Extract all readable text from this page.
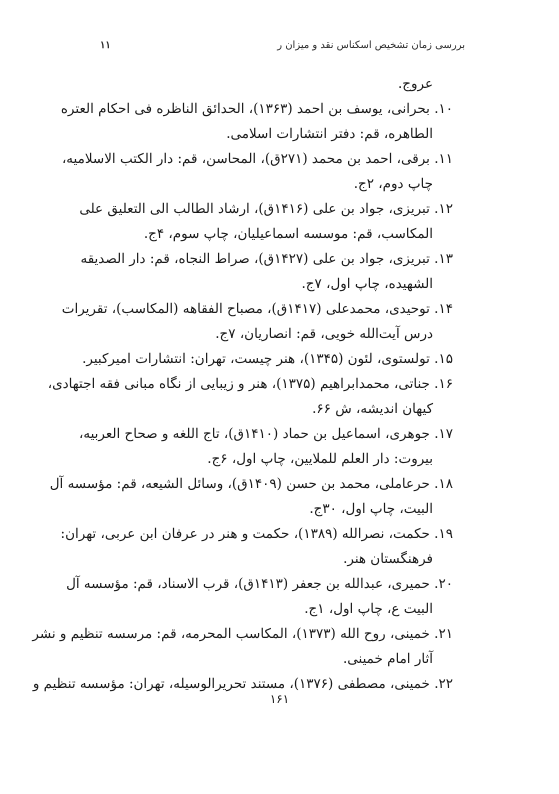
بررسی زمان تشخیص اسکناس نقد و میزان ر
۱۱
عروج.
۱۰. بحرانی، یوسف بن احمد (۱۳۶۳)، الحدائق الناظره فی احکام العتره
الطاهره، قم: دفتر انتشارات اسلامی.
۱۱. برقی، احمد بن محمد (۲۷۱ق)، المحاسن، قم: دار الکتب الاسلامیه،
چاپ دوم، ۲ج.
۱۲. تبریزی، جواد بن علی (۱۴۱۶ق)، ارشاد الطالب الی التعلیق علی
المکاسب، قم: موسسه اسماعیلیان، چاپ سوم، ۴ج.
۱۳. تبریزی، جواد بن علی (۱۴۲۷ق)، صراط النجاه، قم: دار الصدیقه
الشهیده، چاپ اول، ۷ج.
۱۴. توحیدی، محمدعلی (۱۴۱۷ق)، مصباح الفقاهه (المکاسب)، تقریرات
درس آیت‌الله خویی، قم: انصاریان، ۷ج.
۱۵. تولستوی، لئون (۱۳۴۵)، هنر چیست، تهران: انتشارات امیرکبیر.
۱۶. جناتی، محمدابراهیم (۱۳۷۵)، هنر و زیبایی از نگاه مبانی فقه اجتهادی،
کیهان اندیشه، ش ۶۶.
۱۷. جوهری، اسماعیل بن حماد (۱۴۱۰ق)، تاج اللغه و صحاح العربیه،
بیروت: دار العلم للملایین، چاپ اول، ۶ج.
۱۸. حرعاملی، محمد بن حسن (۱۴۰۹ق)، وسائل الشیعه، قم: مؤسسه آل
البیت، چاپ اول، ۳۰ج.
۱۹. حکمت، نصرالله (۱۳۸۹)، حکمت و هنر در عرفان ابن عربی، تهران:
فرهنگستان هنر.
۲۰. حمیری، عبدالله بن جعفر (۱۴۱۳ق)، قرب الاسناد، قم: مؤسسه آل
البیت ع، چاپ اول، ۱ج.
۲۱. خمینی، روح الله (۱۳۷۳)، المکاسب المحرمه، قم: مرسسه تنظیم و نشر
آثار امام خمینی.
۲۲. خمینی، مصطفی (۱۳۷۶)، مستند تحریرالوسیله، تهران: مؤسسه تنظیم و
۱۶۱
